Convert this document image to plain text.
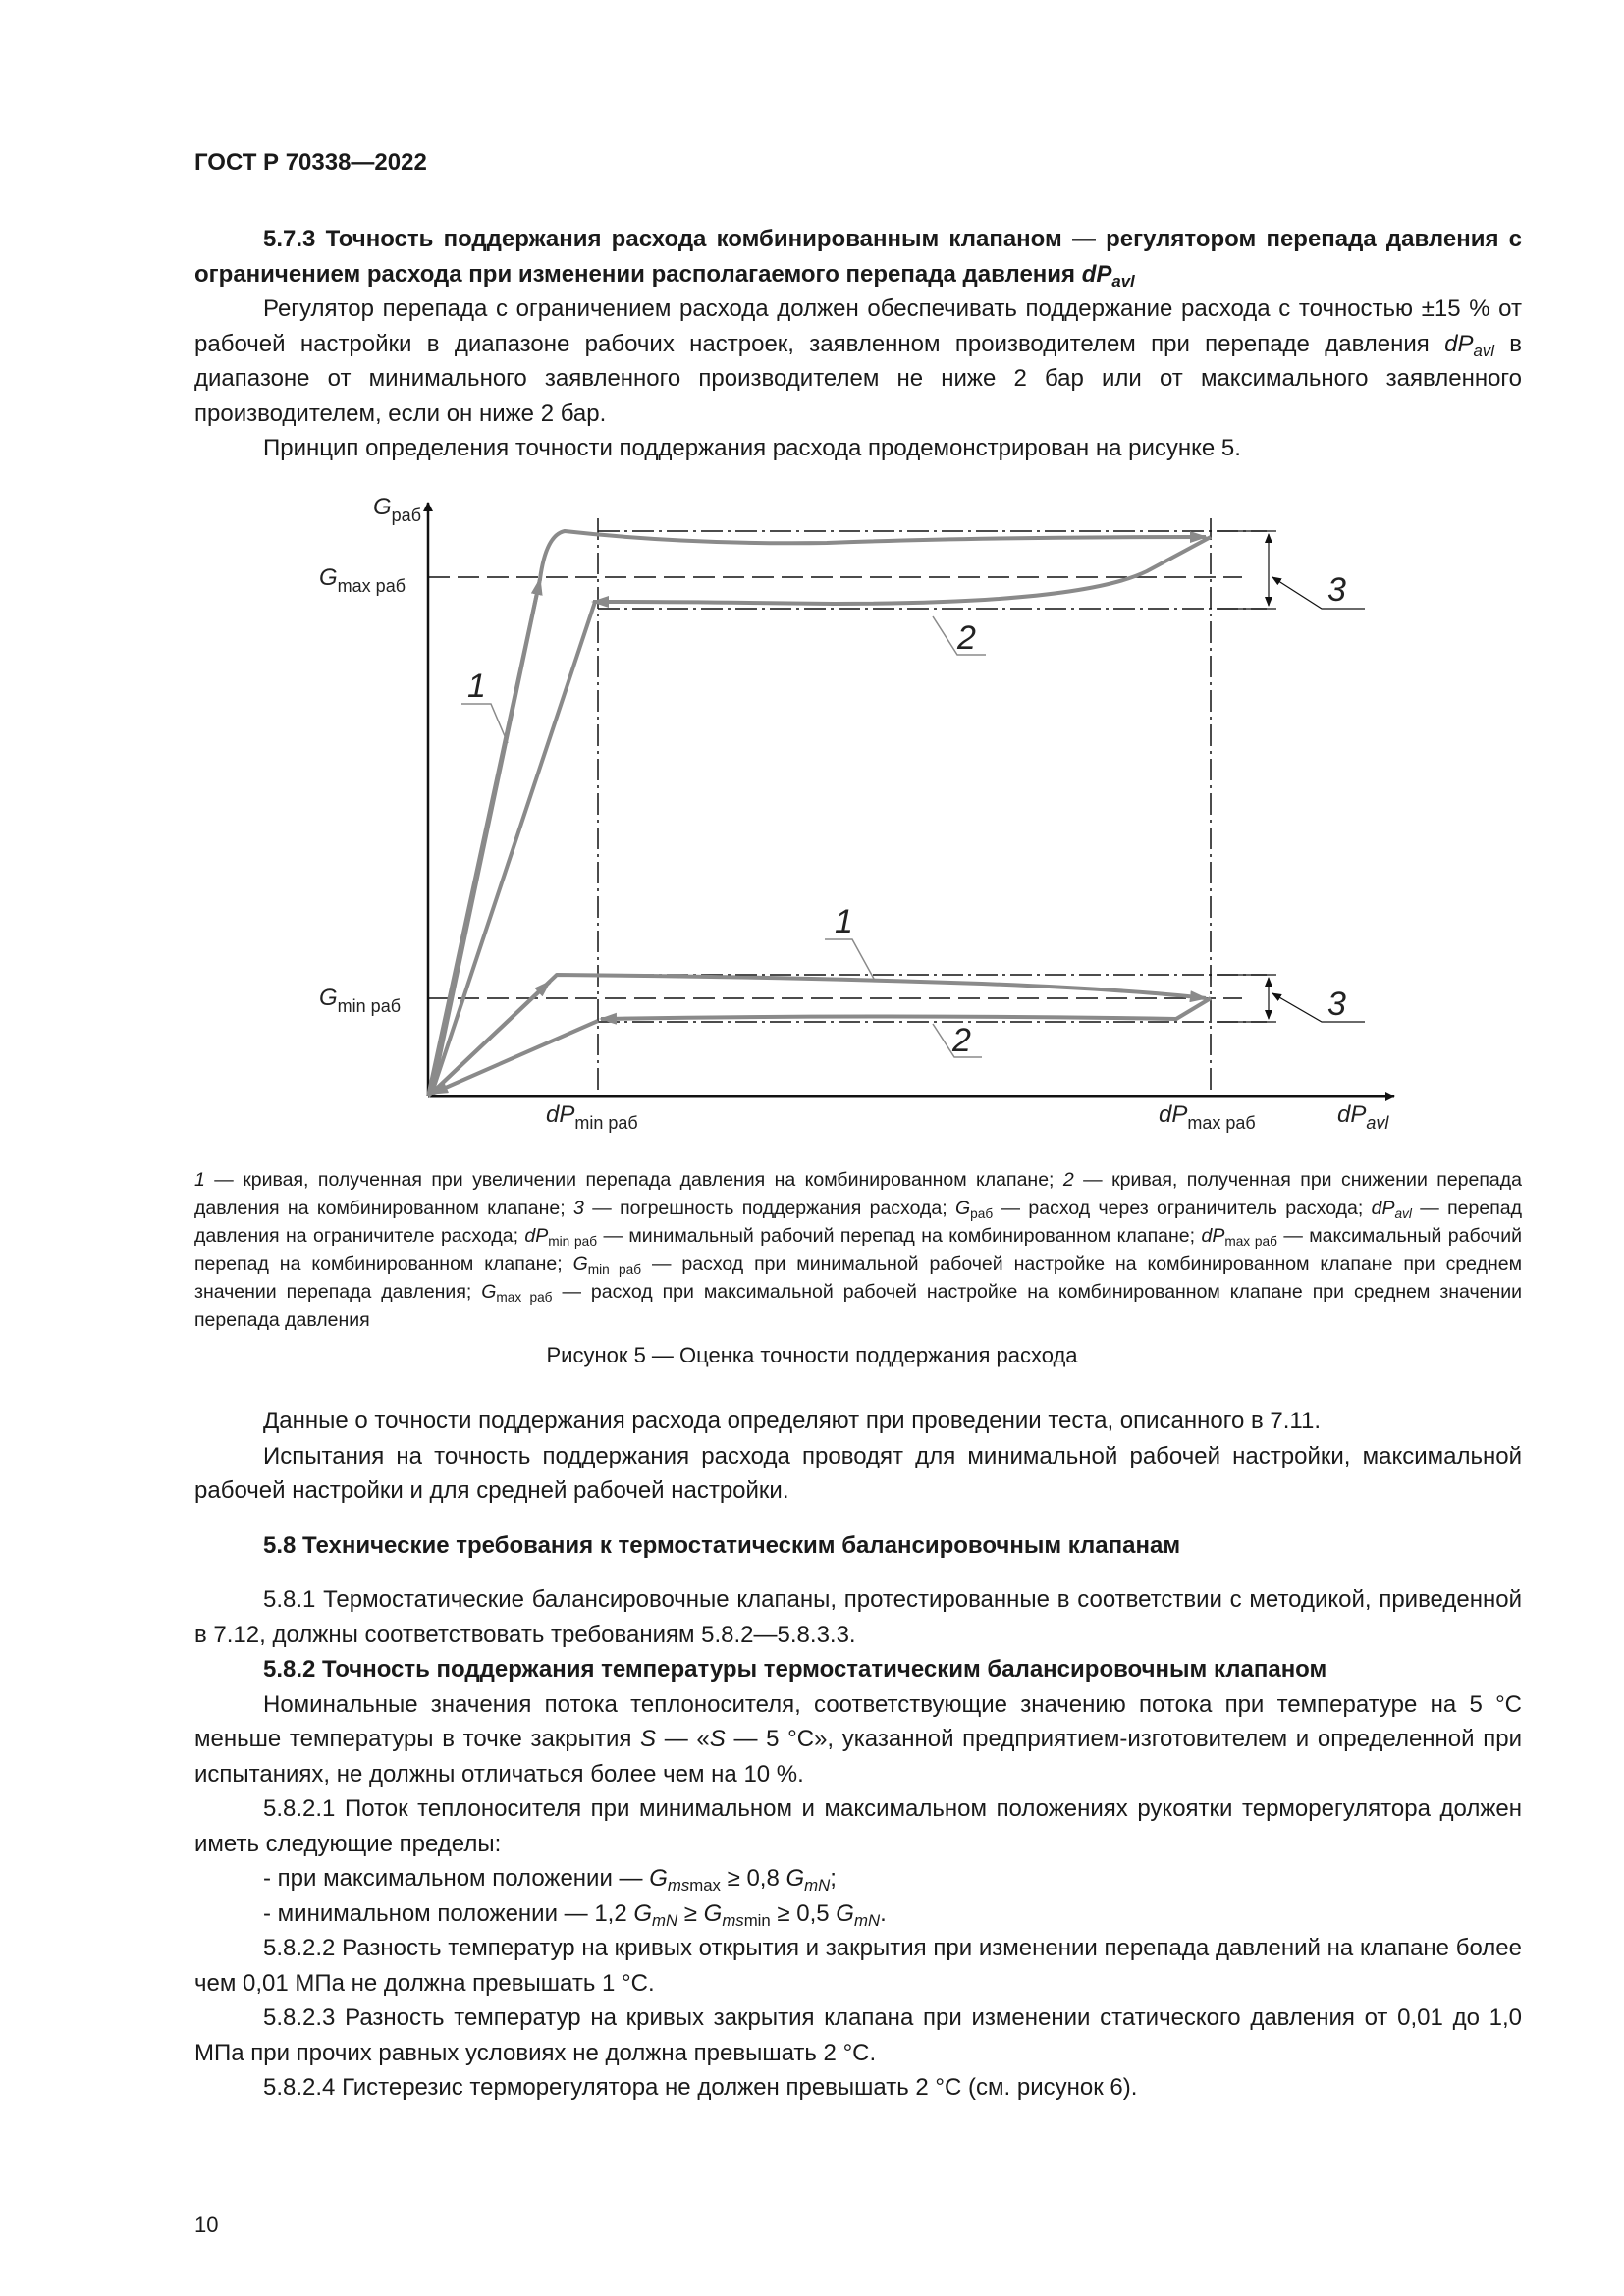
ГОСТ Р 70338—2022

5.7.3 Точность поддержания расхода комбинированным клапаном — регулятором перепада давления с ограничением расхода при изменении располагаемого перепада давления $dP_{avl}$

Регулятор перепада с ограничением расхода должен обеспечивать поддержание расхода с точностью ±15 % от рабочей настройки в диапазоне рабочих настроек, заявленном производителем при перепаде давления $dP_{avl}$ в диапазоне от минимального заявленного производителем не ниже 2 бар или от максимального заявленного производителем, если он ниже 2 бар.

Принцип определения точности поддержания расхода продемонстрирован на рисунке 5.

1
2
3
1
2
3
$G_{раб}$
$G_{max раб}$
$G_{min раб}$
$dP_{min раб}$	$dP_{max раб}$	$dP_{avl}$
1 — кривая, полученная при увеличении перепада давления на комбинированном клапане; 2 — кривая, полученная при снижении перепада давления на комбинированном клапане; 3 — погрешность поддержания расхода; $G_{раб}$ — расход через ограничитель расхода; $dP_{avl}$ — перепад давления на ограничителе расхода; $dP_{min раб}$ — минимальный рабочий перепад на комбинированном клапане; $dP_{max раб}$ — максимальный рабочий перепад на комбинированном клапане; $G_{min раб}$ — расход при минимальной рабочей настройке на комбинированном клапане при среднем значении перепада давления; $G_{max раб}$ — расход при максимальной рабочей настройке на комбинированном клапане при среднем значении перепада давления
Рисунок 5 — Оценка точности поддержания расхода

Данные о точности поддержания расхода определяют при проведении теста, описанного в 7.11.

Испытания на точность поддержания расхода проводят для минимальной рабочей настройки, максимальной рабочей настройки и для средней рабочей настройки.

5.8 Технические требования к термостатическим балансировочным клапанам

5.8.1 Термостатические балансировочные клапаны, протестированные в соответствии с методикой, приведенной в 7.12, должны соответствовать требованиям 5.8.2—5.8.3.3.

5.8.2 Точность поддержания температуры термостатическим балансировочным клапаном

Номинальные значения потока теплоносителя, соответствующие значению потока при температуре на 5 °С меньше температуры в точке закрытия S — «S — 5 °С», указанной предприятием-изготовителем и определенной при испытаниях, не должны отличаться более чем на 10 %.

5.8.2.1 Поток теплоносителя при минимальном и максимальном положениях рукоятки терморегулятора должен иметь следующие пределы:

- при максимальном положении — $G_{msmax} \ge 0,8$ $G_{mN}$;

- минимальном положении — 1,2 $G_{mN} \ge G_{msmin} \ge 0,5$ $G_{mN}$.

5.8.2.2 Разность температур на кривых открытия и закрытия при изменении перепада давлений на клапане более чем 0,01 МПа не должна превышать 1 °С.

5.8.2.3 Разность температур на кривых закрытия клапана при изменении статического давления от 0,01 до 1,0 МПа при прочих равных условиях не должна превышать 2 °С.

5.8.2.4 Гистерезис терморегулятора не должен превышать 2 °С (см. рисунок 6).

10
